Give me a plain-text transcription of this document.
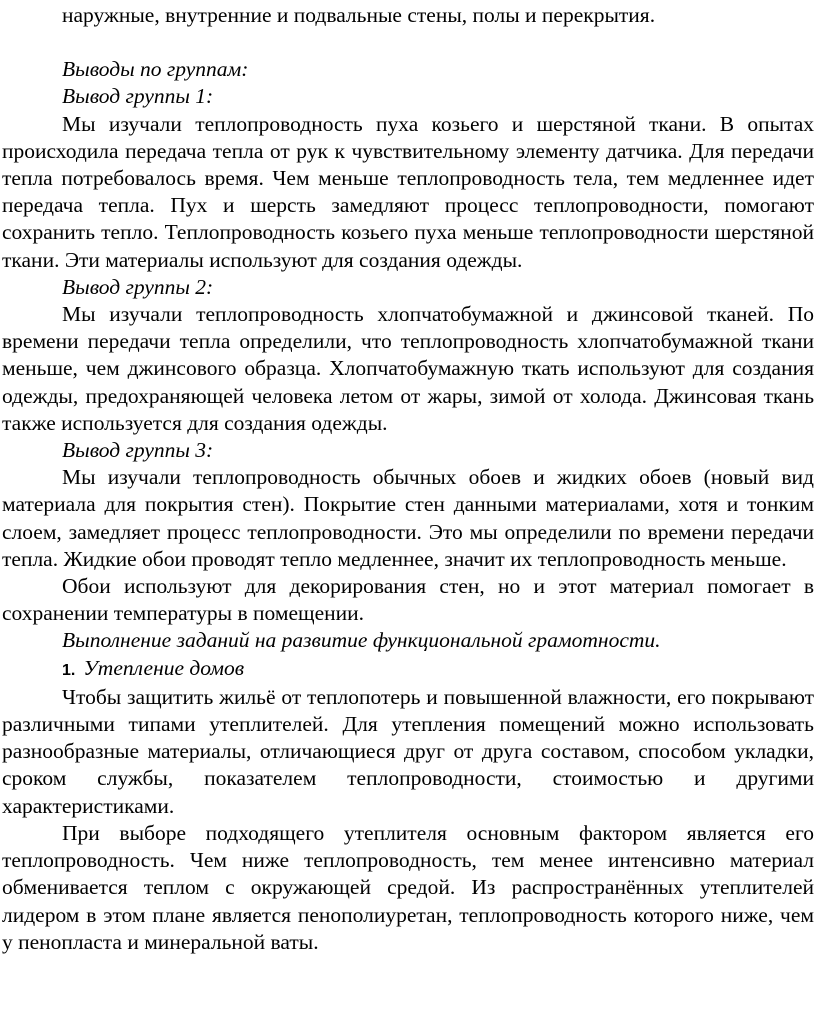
наружные, внутренние и подвальные стены, полы и перекрытия.

Выводы по группам:
Вывод группы 1:

Мы изучали теплопроводность пуха козьего и шерстяной ткани. В опытах происходила передача тепла от рук к чувствительному элементу датчика. Для передачи тепла потребовалось время. Чем меньше теплопроводность тела, тем медленнее идет передача тепла. Пух и шерсть замедляют процесс теплопроводности, помогают сохранить тепло. Теплопроводность козьего пуха меньше теплопроводности шерстяной ткани. Эти материалы используют для создания одежды.

Вывод группы 2:

Мы изучали теплопроводность хлопчатобумажной и джинсовой тканей. По времени передачи тепла определили, что теплопроводность хлопчатобумажной ткани меньше, чем джинсового образца. Хлопчатобумажную ткать используют для создания одежды, предохраняющей человека летом от жары, зимой от холода. Джинсовая ткань также используется для создания одежды.

Вывод группы 3:

Мы изучали теплопроводность обычных обоев и жидких обоев (новый вид материала для покрытия стен). Покрытие стен данными материалами, хотя и тонким слоем, замедляет процесс теплопроводности. Это мы определили по времени передачи тепла. Жидкие обои проводят тепло медленнее, значит их теплопроводность меньше.

Обои используют для декорирования стен, но и этот материал помогает в сохранении температуры в помещении.

Выполнение заданий на развитие функциональной грамотности.
1. Утепление домов

Чтобы защитить жильё от теплопотерь и повышенной влажности, его покрывают различными типами утеплителей. Для утепления помещений можно использовать разнообразные материалы, отличающиеся друг от друга составом, способом укладки, сроком службы, показателем теплопроводности, стоимостью и другими характеристиками.

При выборе подходящего утеплителя основным фактором является его теплопроводность. Чем ниже теплопроводность, тем менее интенсивно материал обменивается теплом с окружающей средой. Из распространённых утеплителей лидером в этом плане является пенополиуретан, теплопроводность которого ниже, чем у пенопласта и минеральной ваты.
